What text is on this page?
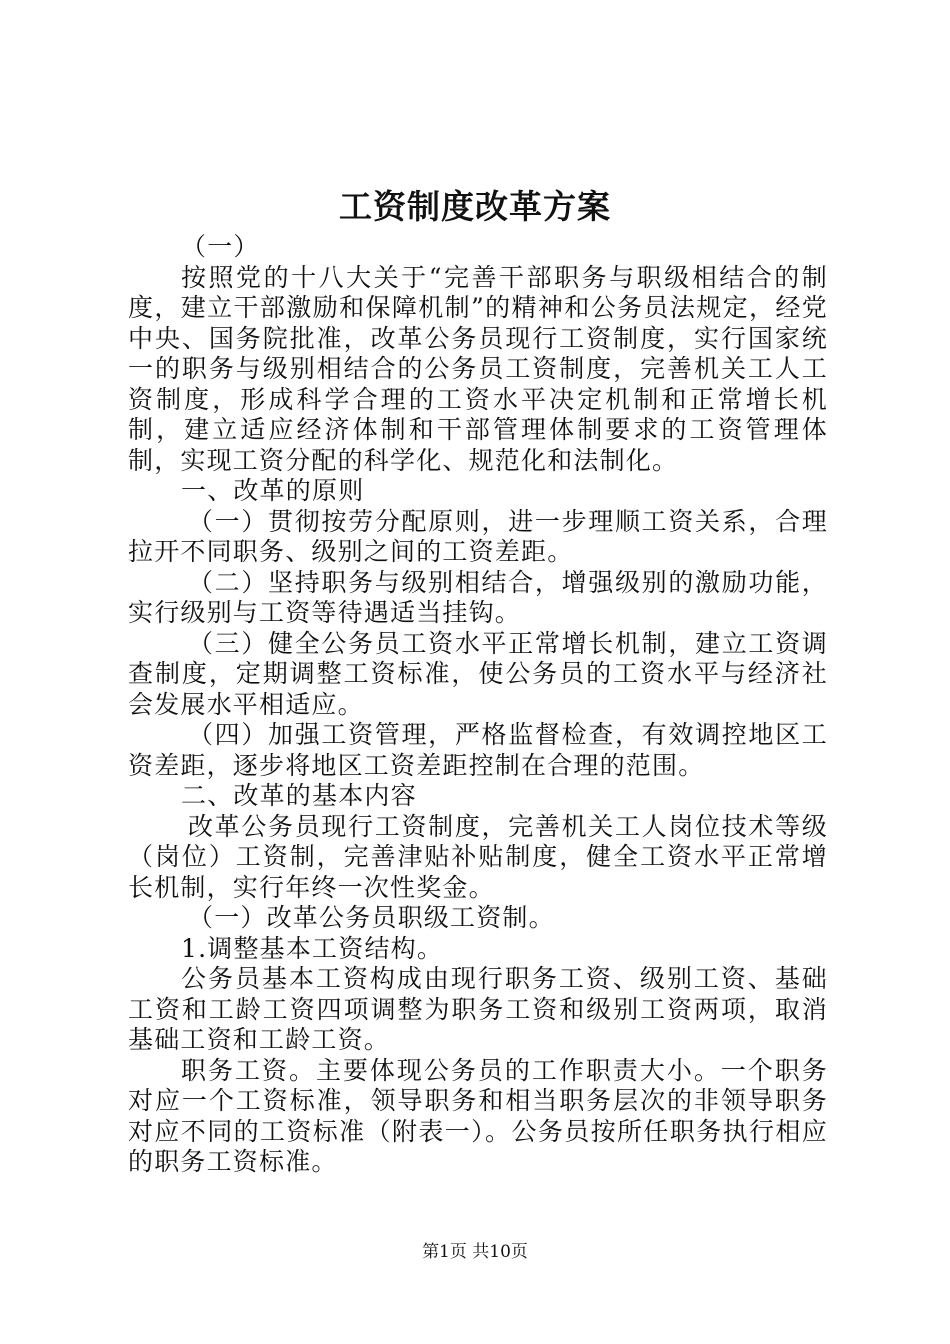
工资制度改革方案

（一）

按照党的十八大关于“完善干部职务与职级相结合的制度，建立干部激励和保障机制”的精神和公务员法规定，经党中央、国务院批准，改革公务员现行工资制度，实行国家统一的职务与级别相结合的公务员工资制度，完善机关工人工资制度，形成科学合理的工资水平决定机制和正常增长机制，建立适应经济体制和干部管理体制要求的工资管理体制，实现工资分配的科学化、规范化和法制化。

一、改革的原则

（一）贯彻按劳分配原则，进一步理顺工资关系，合理拉开不同职务、级别之间的工资差距。

（二）坚持职务与级别相结合，增强级别的激励功能，实行级别与工资等待遇适当挂钩。

（三）健全公务员工资水平正常增长机制，建立工资调查制度，定期调整工资标准，使公务员的工资水平与经济社会发展水平相适应。

（四）加强工资管理，严格监督检查，有效调控地区工资差距，逐步将地区工资差距控制在合理的范围。

二、改革的基本内容

改革公务员现行工资制度，完善机关工人岗位技术等级（岗位）工资制，完善津贴补贴制度，健全工资水平正常增长机制，实行年终一次性奖金。

（一）改革公务员职级工资制。

1.调整基本工资结构。

公务员基本工资构成由现行职务工资、级别工资、基础工资和工龄工资四项调整为职务工资和级别工资两项，取消基础工资和工龄工资。

职务工资。主要体现公务员的工作职责大小。一个职务对应一个工资标准，领导职务和相当职务层次的非领导职务对应不同的工资标准（附表一）。公务员按所任职务执行相应的职务工资标准。

第1页 共10页
